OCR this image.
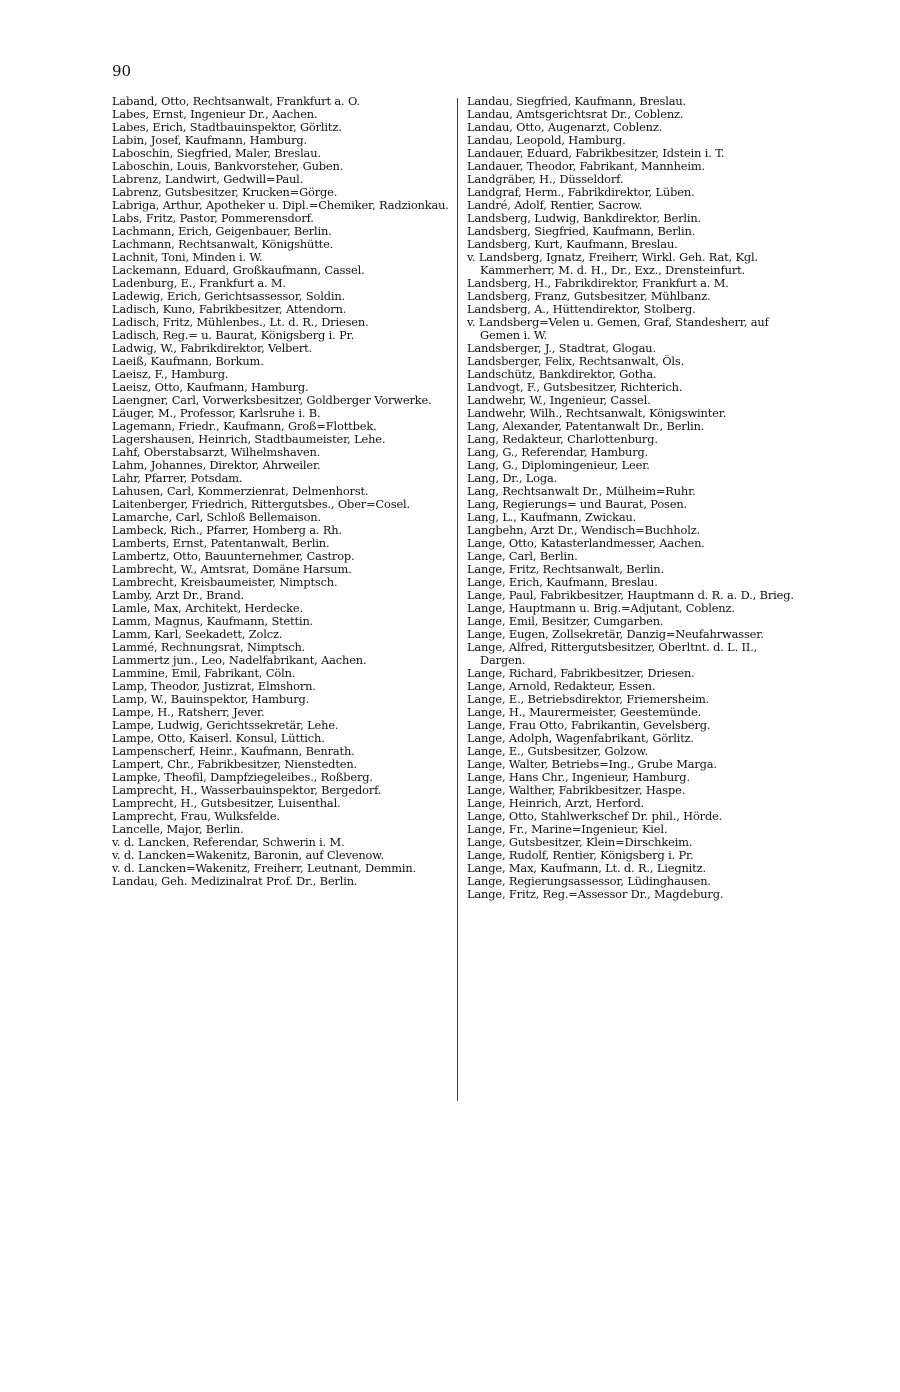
90
Laband, Otto, Rechtsanwalt, Frankfurt a. O.
Labes, Ernst, Ingenieur Dr., Aachen.
Labes, Erich, Stadtbauinspektor, Görlitz.
Labin, Josef, Kaufmann, Hamburg.
Laboschin, Siegfried, Maler, Breslau.
Laboschin, Louis, Bankvorsteher, Guben.
Labrenz, Landwirt, Gedwill=Paul.
Labrenz, Gutsbesitzer, Krucken=Görge.
Labriga, Arthur, Apotheker u. Dipl.=Chemiker, Radzionkau.
Labs, Fritz, Pastor, Pommerensdorf.
Lachmann, Erich, Geigenbauer, Berlin.
Lachmann, Rechtsanwalt, Königshütte.
Lachnit, Toni, Minden i. W.
Lackemann, Eduard, Großkaufmann, Cassel.
Ladenburg, E., Frankfurt a. M.
Ladewig, Erich, Gerichtsassessor, Soldin.
Ladisch, Kuno, Fabrikbesitzer, Attendorn.
Ladisch, Fritz, Mühlenbes., Lt. d. R., Driesen.
Ladisch, Reg.= u. Baurat, Königsberg i. Pr.
Ladwig, W., Fabrikdirektor, Velbert.
Laeiß, Kaufmann, Borkum.
Laeisz, F., Hamburg.
Laeisz, Otto, Kaufmann, Hamburg.
Laengner, Carl, Vorwerksbesitzer, Goldberger Vorwerke.
Läuger, M., Professor, Karlsruhe i. B.
Lagemann, Friedr., Kaufmann, Groß=Flottbek.
Lagershausen, Heinrich, Stadtbaumeister, Lehe.
Lahf, Oberstabsarzt, Wilhelmshaven.
Lahm, Johannes, Direktor, Ahrweiler.
Lahr, Pfarrer, Potsdam.
Lahusen, Carl, Kommerzienrat, Delmenhorst.
Laitenberger, Friedrich, Rittergutsbes., Ober=Cosel.
Lamarche, Carl, Schloß Bellemaison.
Lambeck, Rich., Pfarrer, Homberg a. Rh.
Lamberts, Ernst, Patentanwalt, Berlin.
Lambertz, Otto, Bauunternehmer, Castrop.
Lambrecht, W., Amtsrat, Domäne Harsum.
Lambrecht, Kreisbaumeister, Nimptsch.
Lamby, Arzt Dr., Brand.
Lamle, Max, Architekt, Herdecke.
Lamm, Magnus, Kaufmann, Stettin.
Lamm, Karl, Seekadett, Zolcz.
Lammé, Rechnungsrat, Nimptsch.
Lammertz jun., Leo, Nadelfabrikant, Aachen.
Lammine, Emil, Fabrikant, Cöln.
Lamp, Theodor, Justizrat, Elmshorn.
Lamp, W., Bauinspektor, Hamburg.
Lampe, H., Ratsherr, Jever.
Lampe, Ludwig, Gerichtssekretär, Lehe.
Lampe, Otto, Kaiserl. Konsul, Lüttich.
Lampenscherf, Heinr., Kaufmann, Benrath.
Lampert, Chr., Fabrikbesitzer, Nienstedten.
Lampke, Theofil, Dampfziegeleibes., Roßberg.
Lamprecht, H., Wasserbauinspektor, Bergedorf.
Lamprecht, H., Gutsbesitzer, Luisenthal.
Lamprecht, Frau, Wulksfelde.
Lancelle, Major, Berlin.
v. d. Lancken, Referendar, Schwerin i. M.
v. d. Lancken=Wakenitz, Baronin, auf Clevenow.
v. d. Lancken=Wakenitz, Freiherr, Leutnant, Demmin.
Landau, Geh. Medizinalrat Prof. Dr., Berlin.
Landau, Siegfried, Kaufmann, Breslau.
Landau, Amtsgerichtsrat Dr., Coblenz.
Landau, Otto, Augenarzt, Coblenz.
Landau, Leopold, Hamburg.
Landauer, Eduard, Fabrikbesitzer, Idstein i. T.
Landauer, Theodor, Fabrikant, Mannheim.
Landgräber, H., Düsseldorf.
Landgraf, Herm., Fabrikdirektor, Lüben.
Landré, Adolf, Rentier, Sacrow.
Landsberg, Ludwig, Bankdirektor, Berlin.
Landsberg, Siegfried, Kaufmann, Berlin.
Landsberg, Kurt, Kaufmann, Breslau.
v. Landsberg, Ignatz, Freiherr, Wirkl. Geh. Rat, Kgl. Kammerherr, M. d. H., Dr., Exz., Drensteinfurt.
Landsberg, H., Fabrikdirektor, Frankfurt a. M.
Landsberg, Franz, Gutsbesitzer, Mühlbanz.
Landsberg, A., Hüttendirektor, Stolberg.
v. Landsberg=Velen u. Gemen, Graf, Standesherr, auf Gemen i. W.
Landsberger, J., Stadtrat, Glogau.
Landsberger, Felix, Rechtsanwalt, Öls.
Landschütz, Bankdirektor, Gotha.
Landvogt, F., Gutsbesitzer, Richterich.
Landwehr, W., Ingenieur, Cassel.
Landwehr, Wilh., Rechtsanwalt, Königswinter.
Lang, Alexander, Patentanwalt Dr., Berlin.
Lang, Redakteur, Charlottenburg.
Lang, G., Referendar, Hamburg.
Lang, G., Diplomingenieur, Leer.
Lang, Dr., Loga.
Lang, Rechtsanwalt Dr., Mülheim=Ruhr.
Lang, Regierungs= und Baurat, Posen.
Lang, L., Kaufmann, Zwickau.
Langbehn, Arzt Dr., Wendisch=Buchholz.
Lange, Otto, Katasterlandmesser, Aachen.
Lange, Carl, Berlin.
Lange, Fritz, Rechtsanwalt, Berlin.
Lange, Erich, Kaufmann, Breslau.
Lange, Paul, Fabrikbesitzer, Hauptmann d. R. a. D., Brieg.
Lange, Hauptmann u. Brig.=Adjutant, Coblenz.
Lange, Emil, Besitzer, Cumgarben.
Lange, Eugen, Zollsekretär, Danzig=Neufahrwasser.
Lange, Alfred, Rittergutsbesitzer, Oberltnt. d. L. II., Dargen.
Lange, Richard, Fabrikbesitzer, Driesen.
Lange, Arnold, Redakteur, Essen.
Lange, E., Betriebsdirektor, Friemersheim.
Lange, H., Maurermeister, Geestemünde.
Lange, Frau Otto, Fabrikantin, Gevelsberg.
Lange, Adolph, Wagenfabrikant, Görlitz.
Lange, E., Gutsbesitzer, Golzow.
Lange, Walter, Betriebs=Ing., Grube Marga.
Lange, Hans Chr., Ingenieur, Hamburg.
Lange, Walther, Fabrikbesitzer, Haspe.
Lange, Heinrich, Arzt, Herford.
Lange, Otto, Stahlwerkschef Dr. phil., Hörde.
Lange, Fr., Marine=Ingenieur, Kiel.
Lange, Gutsbesitzer, Klein=Dirschkeim.
Lange, Rudolf, Rentier, Königsberg i. Pr.
Lange, Max, Kaufmann, Lt. d. R., Liegnitz.
Lange, Regierungsassessor, Lüdinghausen.
Lange, Fritz, Reg.=Assessor Dr., Magdeburg.
